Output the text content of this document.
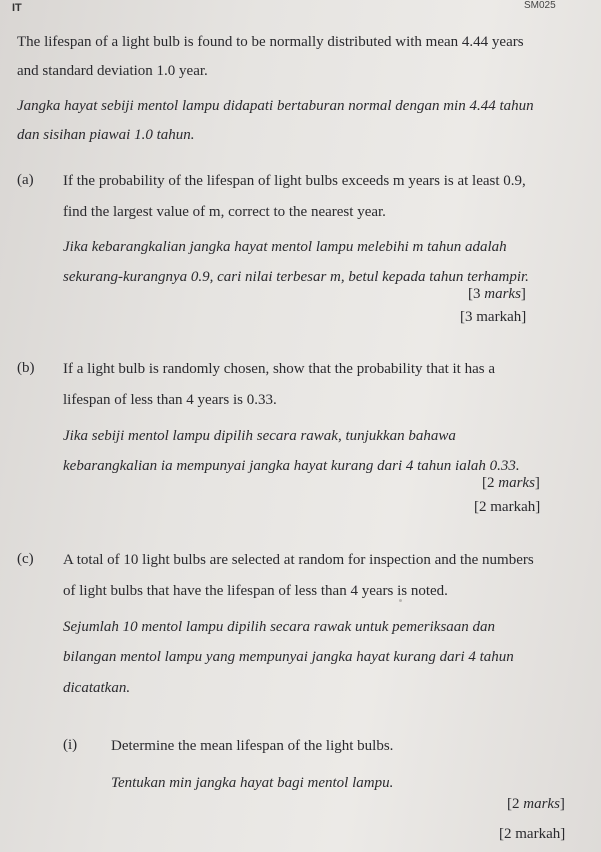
IT	SM025
The lifespan of a light bulb is found to be normally distributed with mean 4.44 years
and standard deviation 1.0 year.
Jangka hayat sebiji mentol lampu didapati bertaburan normal dengan min 4.44 tahun
dan sisihan piawai 1.0 tahun.
(a) If the probability of the lifespan of light bulbs exceeds m years is at least 0.9,
find the largest value of m, correct to the nearest year.
Jika kebarangkalian jangka hayat mentol lampu melebihi m tahun adalah
sekurang-kurangnya 0.9, cari nilai terbesar m, betul kepada tahun terhampir.
[3 marks]
[3 markah]
(b) If a light bulb is randomly chosen, show that the probability that it has a
lifespan of less than 4 years is 0.33.
Jika sebiji mentol lampu dipilih secara rawak, tunjukkan bahawa
kebarangkalian ia mempunyai jangka hayat kurang dari 4 tahun ialah 0.33.
[2 marks]
[2 markah]
(c) A total of 10 light bulbs are selected at random for inspection and the numbers
of light bulbs that have the lifespan of less than 4 years is noted.
Sejumlah 10 mentol lampu dipilih secara rawak untuk pemeriksaan dan
bilangan mentol lampu yang mempunyai jangka hayat kurang dari 4 tahun
dicatatkan.
(i) Determine the mean lifespan of the light bulbs.
Tentukan min jangka hayat bagi mentol lampu.
[2 marks]
[2 markah]
